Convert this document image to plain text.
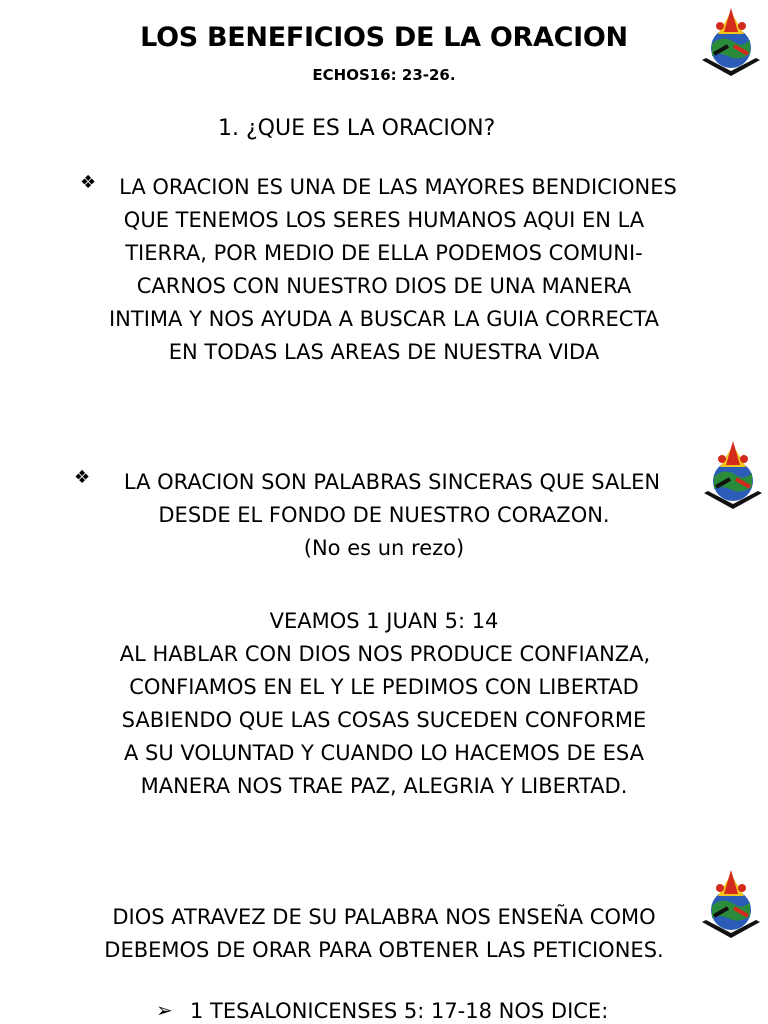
LOS BENEFICIOS DE LA ORACION
ECHOS16: 23-26.
1. ¿QUE ES LA ORACION?
❖	LA ORACION ES UNA DE LAS MAYORES BENDICIONES
QUE TENEMOS LOS SERES HUMANOS AQUI EN LA
TIERRA, POR MEDIO DE ELLA PODEMOS COMUNI-
CARNOS CON NUESTRO DIOS DE UNA MANERA
INTIMA Y NOS AYUDA A BUSCAR LA GUIA CORRECTA
EN TODAS LAS AREAS DE NUESTRA VIDA
❖	LA ORACION SON PALABRAS SINCERAS QUE SALEN
DESDE EL FONDO DE NUESTRO CORAZON.
(No es un rezo)
VEAMOS 1 JUAN 5: 14
AL HABLAR CON DIOS NOS PRODUCE CONFIANZA,
CONFIAMOS EN EL Y LE PEDIMOS CON LIBERTAD
SABIENDO QUE LAS COSAS SUCEDEN CONFORME
A SU VOLUNTAD Y CUANDO LO HACEMOS DE ESA
MANERA NOS TRAE PAZ, ALEGRIA Y LIBERTAD.
DIOS ATRAVEZ DE SU PALABRA NOS ENSEÑA COMO
DEBEMOS DE ORAR PARA OBTENER LAS PETICIONES.
➢ 1 TESALONICENSES 5: 17-18 NOS DICE:
